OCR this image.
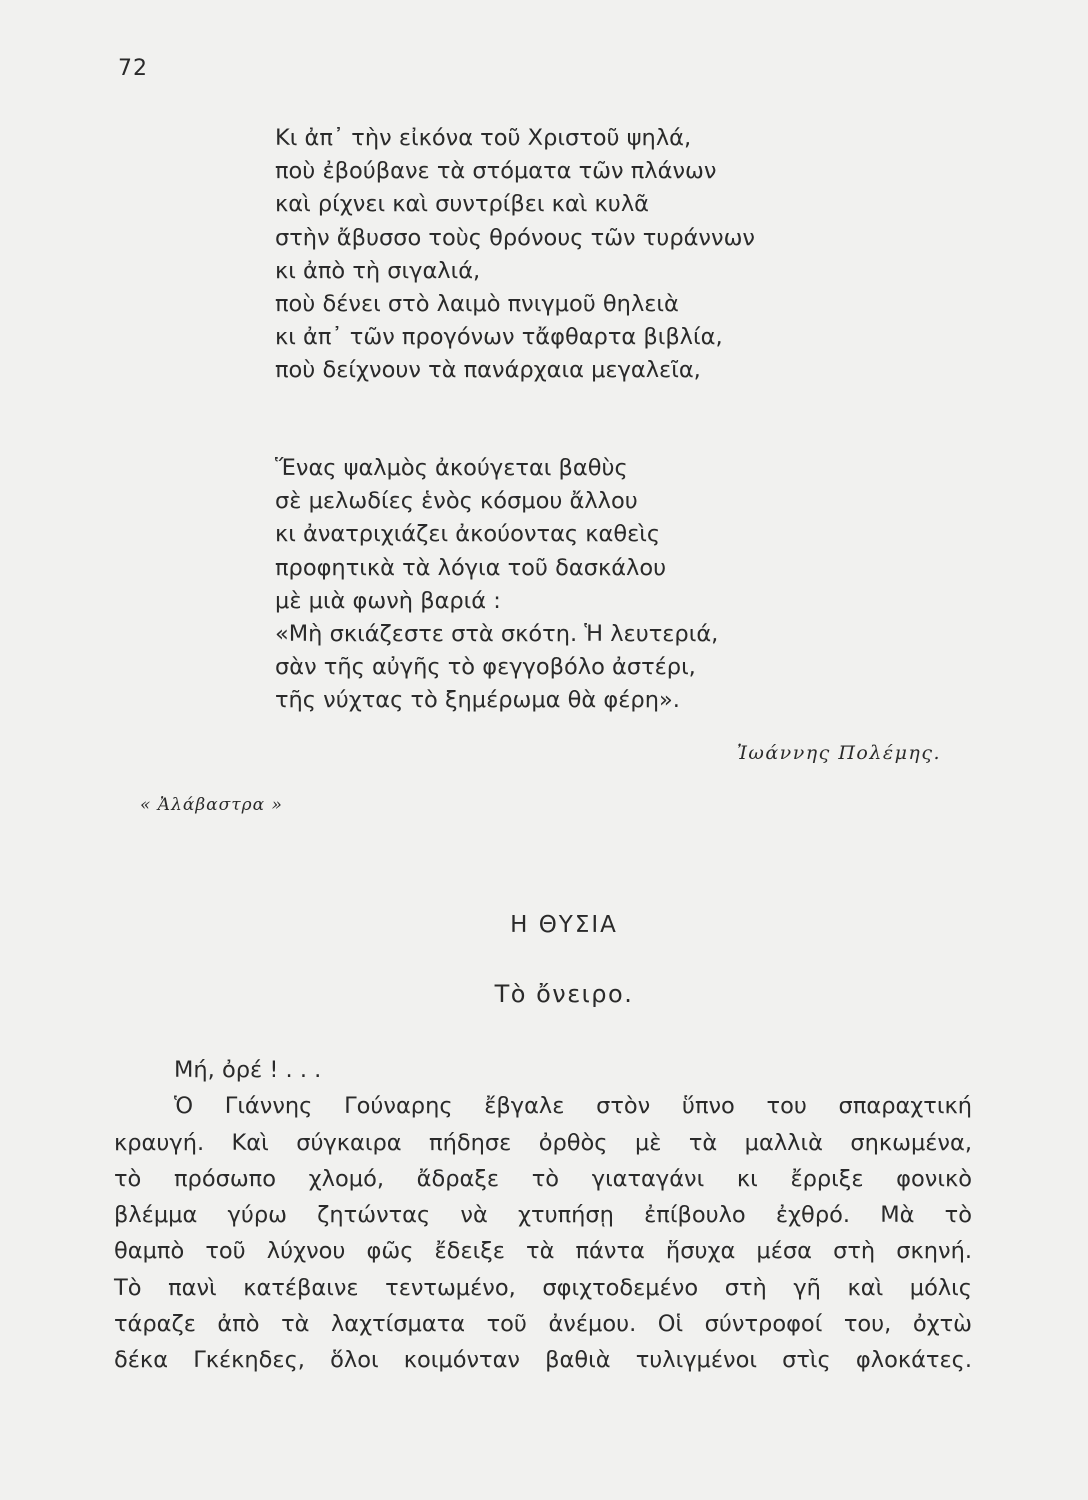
72
Κι ἀπ᾽ τὴν εἰκόνα τοῦ Χριστοῦ ψηλά,
ποὺ ἐβούβανε τὰ στόματα τῶν πλάνων
καὶ ρίχνει καὶ συντρίβει καὶ κυλᾶ
στὴν ἄβυσσο τοὺς θρόνους τῶν τυράννων
κι ἀπὸ τὴ σιγαλιά,
ποὺ δένει στὸ λαιμὸ πνιγμοῦ θηλειὰ
κι ἀπ᾽ τῶν προγόνων τἄφθαρτα βιβλία,
ποὺ δείχνουν τὰ πανάρχαια μεγαλεῖα,
Ἕνας ψαλμὸς ἀκούγεται βαθὺς
σὲ μελωδίες ἑνὸς κόσμου ἄλλου
κι ἀνατριχιάζει ἀκούοντας καθεὶς
προφητικὰ τὰ λόγια τοῦ δασκάλου
μὲ μιὰ φωνὴ βαριά :
«Μὴ σκιάζεστε στὰ σκότη. Ἡ λευτεριά,
σὰν τῆς αὐγῆς τὸ φεγγοβόλο ἀστέρι,
τῆς νύχτας τὸ ξημέρωμα θὰ φέρη».
Ἰωάννης Πολέμης.
« Ἀλάβαστρα »
Η ΘΥΣΙΑ
Τὸ ὄνειρο.
Μή, ὀρέ ! . . .
Ὁ Γιάννης Γούναρης ἔβγαλε στὸν ὕπνο του σπαραχτική
κραυγή. Καὶ σύγκαιρα πήδησε ὀρθὸς μὲ τὰ μαλλιὰ σηκωμένα,
τὸ πρόσωπο χλομό, ἄδραξε τὸ γιαταγάνι κι ἔρριξε φονικὸ
βλέμμα γύρω ζητώντας νὰ χτυπήσῃ ἐπίβουλο ἐχθρό. Μὰ τὸ
θαμπὸ τοῦ λύχνου φῶς ἔδειξε τὰ πάντα ἥσυχα μέσα στὴ σκηνή.
Τὸ πανὶ κατέβαινε τεντωμένο, σφιχτοδεμένο στὴ γῆ καὶ μόλις
τάραζε ἀπὸ τὰ λαχτίσματα τοῦ ἀνέμου. Οἱ σύντροφοί του, ὀχτὼ
δέκα Γκέκηδες, ὅλοι κοιμόνταν βαθιὰ τυλιγμένοι στὶς φλοκάτες.
